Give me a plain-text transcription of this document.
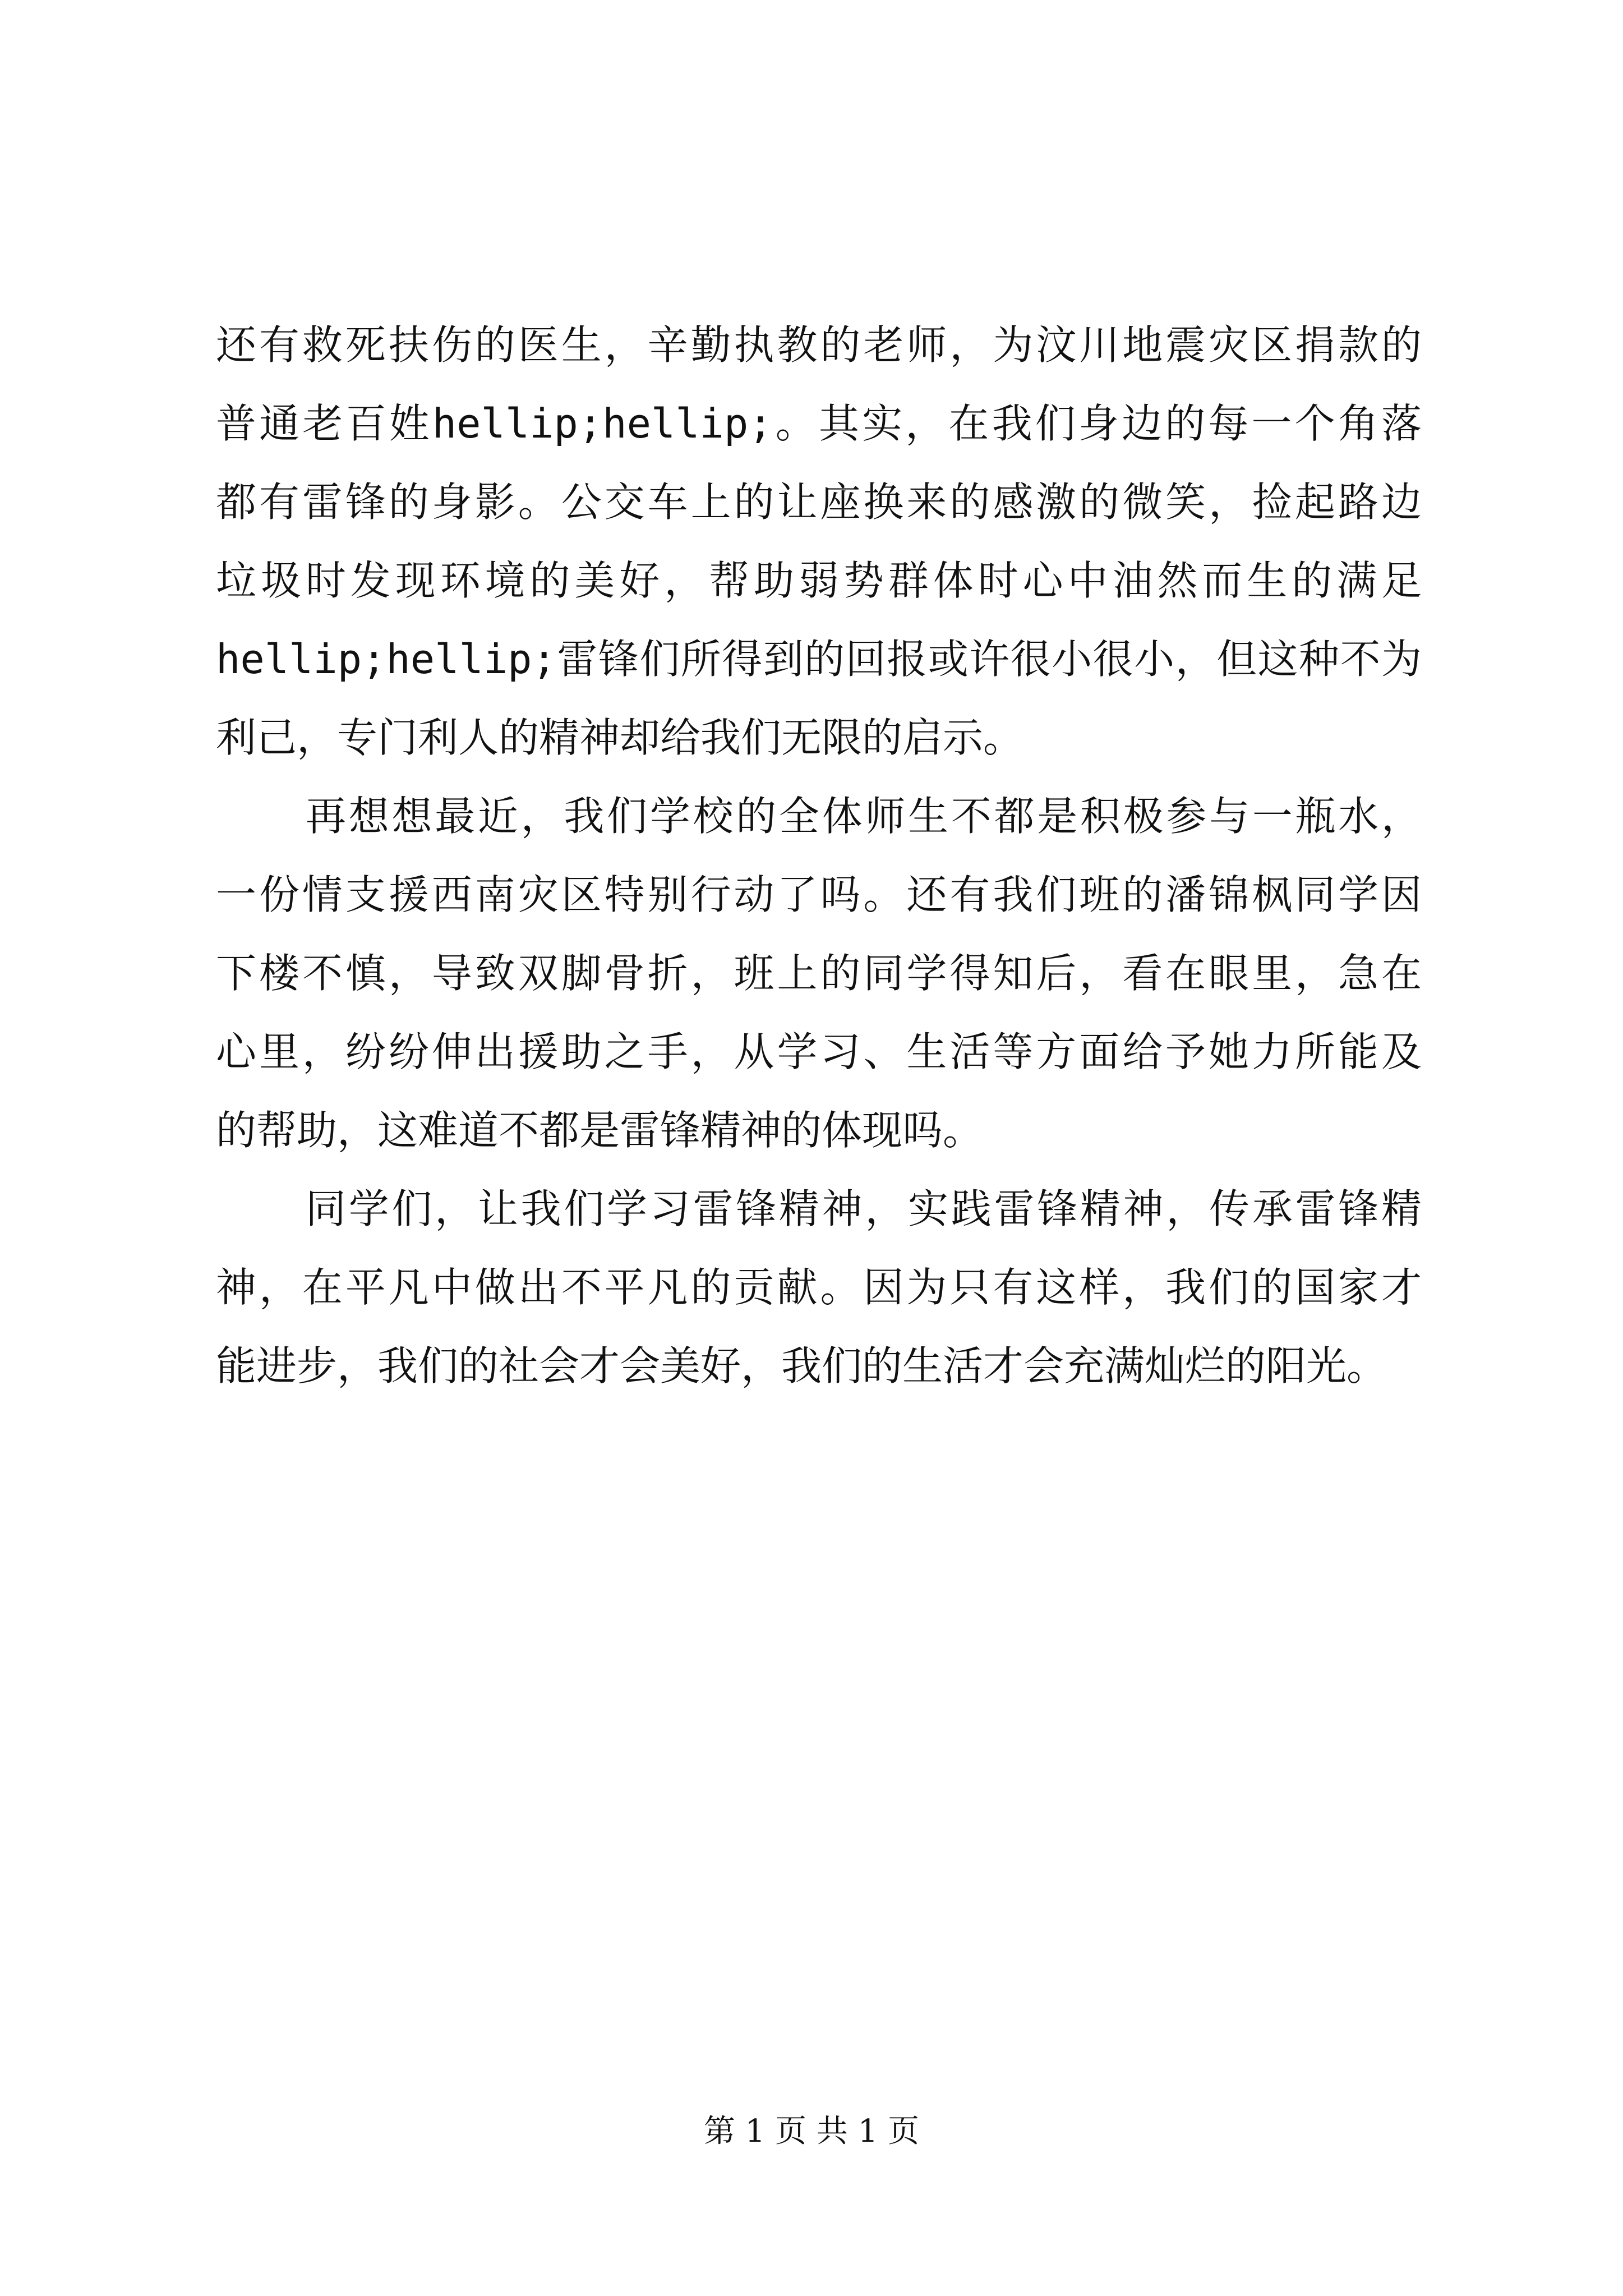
还有救死扶伤的医生，辛勤执教的老师，为汶川地震灾区捐款的
普通老百姓hellip;hellip;。其实，在我们身边的每一个角落
都有雷锋的身影。公交车上的让座换来的感激的微笑，捡起路边
垃圾时发现环境的美好，帮助弱势群体时心中油然而生的满足
hellip;hellip;雷锋们所得到的回报或许很小很小，但这种不为
利己，专门利人的精神却给我们无限的启示。
再想想最近，我们学校的全体师生不都是积极参与一瓶水，
一份情支援西南灾区特别行动了吗。还有我们班的潘锦枫同学因
下楼不慎，导致双脚骨折，班上的同学得知后，看在眼里，急在
心里，纷纷伸出援助之手，从学习、生活等方面给予她力所能及
的帮助，这难道不都是雷锋精神的体现吗。
同学们，让我们学习雷锋精神，实践雷锋精神，传承雷锋精
神，在平凡中做出不平凡的贡献。因为只有这样，我们的国家才
能进步，我们的社会才会美好，我们的生活才会充满灿烂的阳光。
第 1 页 共 1 页
